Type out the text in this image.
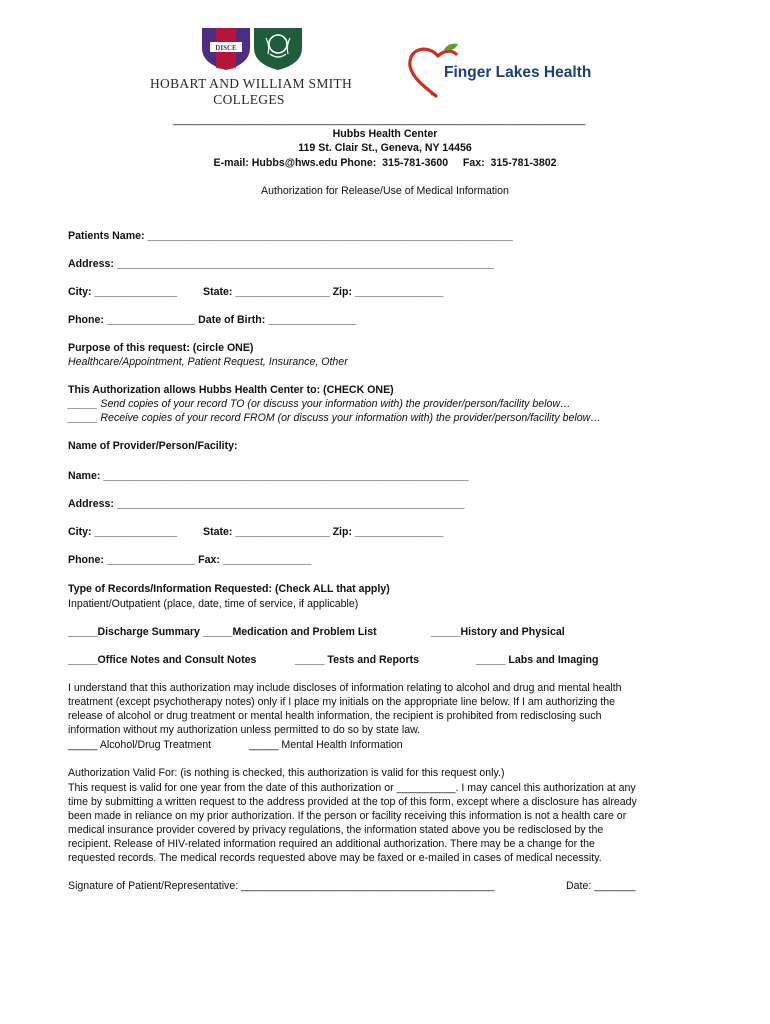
DISCE
HOBART AND WILLIAM SMITH
COLLEGES
Finger Lakes Health
TM
______________________________________________________________________
Hubbs Health Center
119 St. Clair St., Geneva, NY 14456
E-mail: Hubbs@hws.edu Phone:  315-781-3600     Fax:  315-781-3802
Authorization for Release/Use of Medical Information
Patients Name: ______________________________________________________________
Address: ________________________________________________________________
City: ______________ State: ________________ Zip: _______________
Phone: _______________ Date of Birth: _______________
Purpose of this request: (circle ONE)
Healthcare/Appointment, Patient Request, Insurance, Other
This Authorization allows Hubbs Health Center to: (CHECK ONE)
_____ Send copies of your record TO (or discuss your information with) the provider/person/facility below…
_____ Receive copies of your record FROM (or discuss your information with) the provider/person/facility below…
Name of Provider/Person/Facility:
Name: ______________________________________________________________
Address: ___________________________________________________________
City: ______________ State: ________________ Zip: _______________
Phone: _______________ Fax: _______________
Type of Records/Information Requested: (Check ALL that apply)
Inpatient/Outpatient (place, date, time of service, if applicable)
_____Discharge Summary _____Medication and Problem List	_____History and Physical
_____Office Notes and Consult Notes	_____ Tests and Reports	_____ Labs and Imaging
I understand that this authorization may include discloses of information relating to alcohol and drug and mental health
treatment (except psychotherapy notes) only if I place my initials on the appropriate line below. If I am authorizing the
release of alcohol or drug treatment or mental health information, the recipient is prohibited from redisclosing such
information without my authorization unless permitted to do so by state law.
_____ Alcohol/Drug Treatment	_____ Mental Health Information
Authorization Valid For: (is nothing is checked, this authorization is valid for this request only.)
This request is valid for one year from the date of this authorization or __________. I may cancel this authorization at any
time by submitting a written request to the address provided at the top of this form, except where a disclosure has already
been made in reliance on my prior authorization. If the person or facility receiving this information is not a health care or
medical insurance provider covered by privacy regulations, the information stated above you be redisclosed by the
recipient. Release of HIV-related information required an additional authorization. There may be a change for the
requested records. The medical records requested above may be faxed or e-mailed in cases of medical necessity.
Signature of Patient/Representative: ___________________________________________	Date: _______
